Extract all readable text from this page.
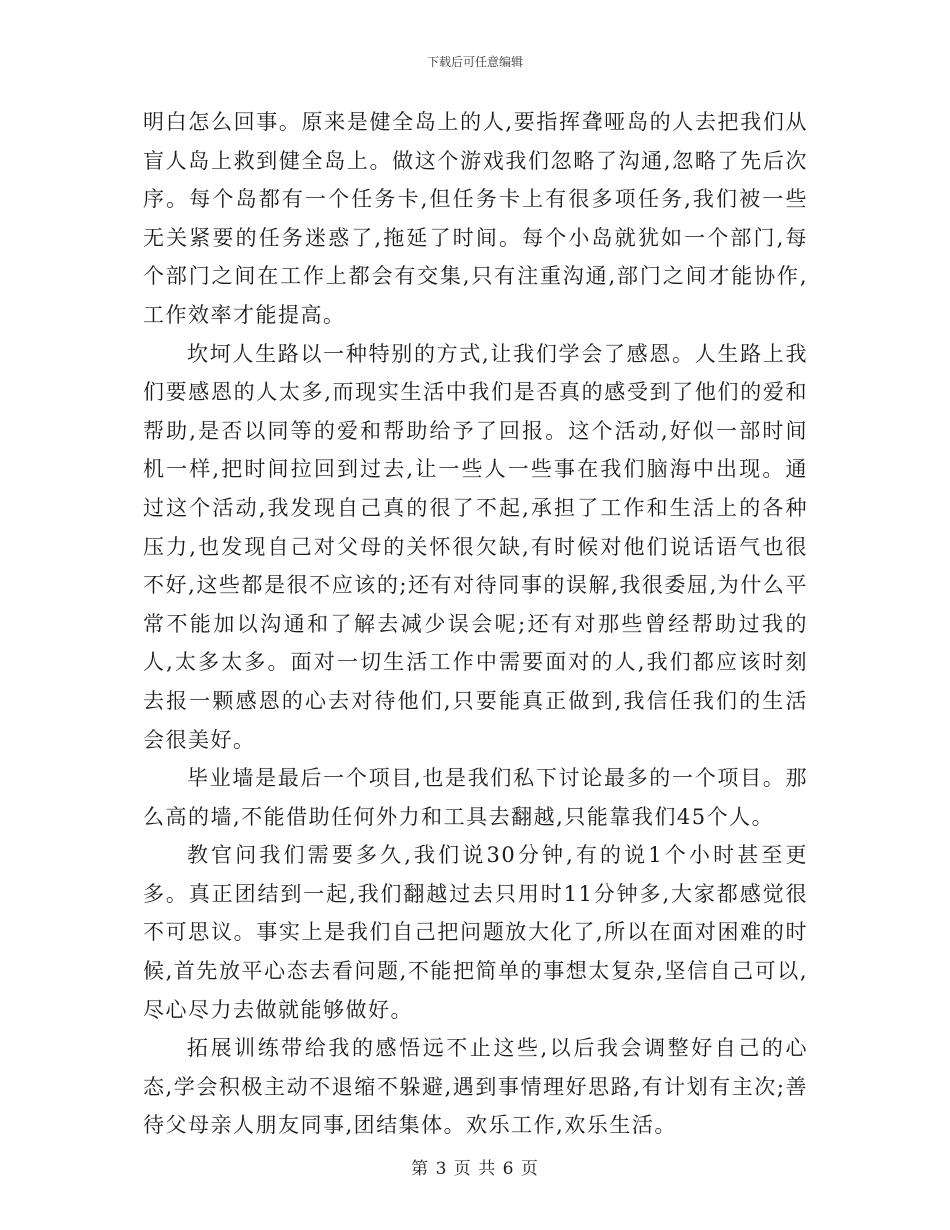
下载后可任意编辑

明白怎么回事。原来是健全岛上的人,要指挥聋哑岛的人去把我们从盲人岛上救到健全岛上。做这个游戏我们忽略了沟通,忽略了先后次序。每个岛都有一个任务卡,但任务卡上有很多项任务,我们被一些无关紧要的任务迷惑了,拖延了时间。每个小岛就犹如一个部门,每个部门之间在工作上都会有交集,只有注重沟通,部门之间才能协作,工作效率才能提高。

坎坷人生路以一种特别的方式,让我们学会了感恩。人生路上我们要感恩的人太多,而现实生活中我们是否真的感受到了他们的爱和帮助,是否以同等的爱和帮助给予了回报。这个活动,好似一部时间机一样,把时间拉回到过去,让一些人一些事在我们脑海中出现。通过这个活动,我发现自己真的很了不起,承担了工作和生活上的各种压力,也发现自己对父母的关怀很欠缺,有时候对他们说话语气也很不好,这些都是很不应该的;还有对待同事的误解,我很委屈,为什么平常不能加以沟通和了解去减少误会呢;还有对那些曾经帮助过我的人,太多太多。面对一切生活工作中需要面对的人,我们都应该时刻去报一颗感恩的心去对待他们,只要能真正做到,我信任我们的生活会很美好。

毕业墙是最后一个项目,也是我们私下讨论最多的一个项目。那么高的墙,不能借助任何外力和工具去翻越,只能靠我们45个人。

教官问我们需要多久,我们说30分钟,有的说1个小时甚至更多。真正团结到一起,我们翻越过去只用时11分钟多,大家都感觉很不可思议。事实上是我们自己把问题放大化了,所以在面对困难的时候,首先放平心态去看问题,不能把简单的事想太复杂,坚信自己可以,尽心尽力去做就能够做好。

拓展训练带给我的感悟远不止这些,以后我会调整好自己的心态,学会积极主动不退缩不躲避,遇到事情理好思路,有计划有主次;善待父母亲人朋友同事,团结集体。欢乐工作,欢乐生活。

第 3 页 共 6 页
